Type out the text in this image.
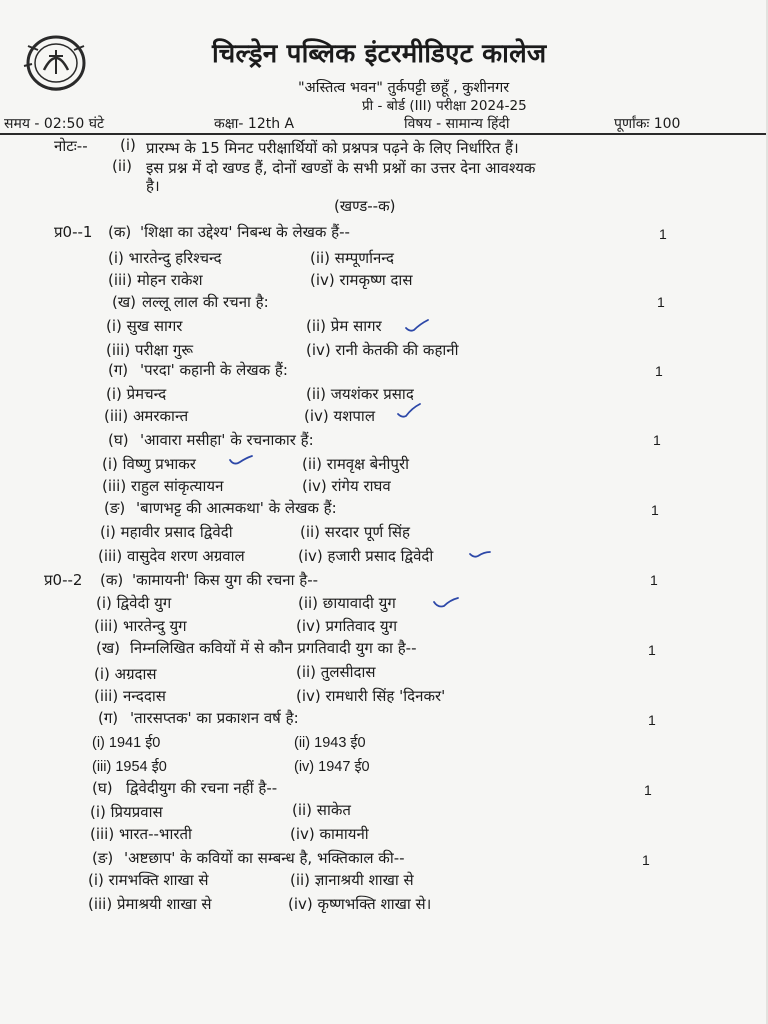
चिल्ड्रेन पब्लिक इंटरमीडिएट कालेज
"अस्तित्व भवन" तुर्कपट्टी छहूँ , कुशीनगर
प्री - बोर्ड (III) परीक्षा 2024-25
समय - 02:50 घंटे	कक्षा- 12th A	विषय - सामान्य हिंदी	पूर्णांकः 100
नोटः-- (i) प्रारम्भ के 15 मिनट परीक्षार्थियों को प्रश्नपत्र पढ़ने के लिए निर्धारित हैं।
(ii) इस प्रश्न में दो खण्ड हैं, दोनों खण्डों के सभी प्रश्नों का उत्तर देना आवश्यक
है।
(खण्ड--क)
प्र0--1 (क) 'शिक्षा का उद्देश्य' निबन्ध के लेखक हैं--	1
(i) भारतेन्दु हरिश्चन्द	(ii) सम्पूर्णानन्द
(iii) मोहन राकेश	(iv) रामकृष्ण दास
(ख) लल्लू लाल की रचना है:	1
(i) सुख सागर	(ii) प्रेम सागर
(iii) परीक्षा गुरू	(iv) रानी केतकी की कहानी
(ग) 'परदा' कहानी के लेखक हैं:	1
(i) प्रेमचन्द	(ii) जयशंकर प्रसाद
(iii) अमरकान्त	(iv) यशपाल
(घ) 'आवारा मसीहा' के रचनाकार हैं:	1
(i) विष्णु प्रभाकर	(ii) रामवृक्ष बेनीपुरी
(iii) राहुल सांकृत्यायन	(iv) रांगेय राघव
(ङ) 'बाणभट्ट की आत्मकथा' के लेखक हैं:	1
(i) महावीर प्रसाद द्विवेदी	(ii) सरदार पूर्ण सिंह
(iii) वासुदेव शरण अग्रवाल	(iv) हजारी प्रसाद द्विवेदी
प्र0--2 (क) 'कामायनी' किस युग की रचना है--	1
(i) द्विवेदी युग	(ii) छायावादी युग
(iii) भारतेन्दु युग	(iv) प्रगतिवाद युग
(ख) निम्नलिखित कवियों में से कौन प्रगतिवादी युग का है--	1
(i) अग्रदास	(ii) तुलसीदास
(iii) नन्ददास	(iv) रामधारी सिंह 'दिनकर'
(ग) 'तारसप्तक' का प्रकाशन वर्ष है:	1
(i) 1941 ई0	(ii) 1943 ई0
(iii) 1954 ई0	(iv) 1947 ई0
(घ) द्विवेदीयुग की रचना नहीं है--	1
(i) प्रियप्रवास	(ii) साकेत
(iii) भारत--भारती	(iv) कामायनी
(ङ) 'अष्टछाप' के कवियों का सम्बन्ध है, भक्तिकाल की--	1
(i) रामभक्ति शाखा से	(ii) ज्ञानाश्रयी शाखा से
(iii) प्रेमाश्रयी शाखा से	(iv) कृष्णभक्ति शाखा से।
